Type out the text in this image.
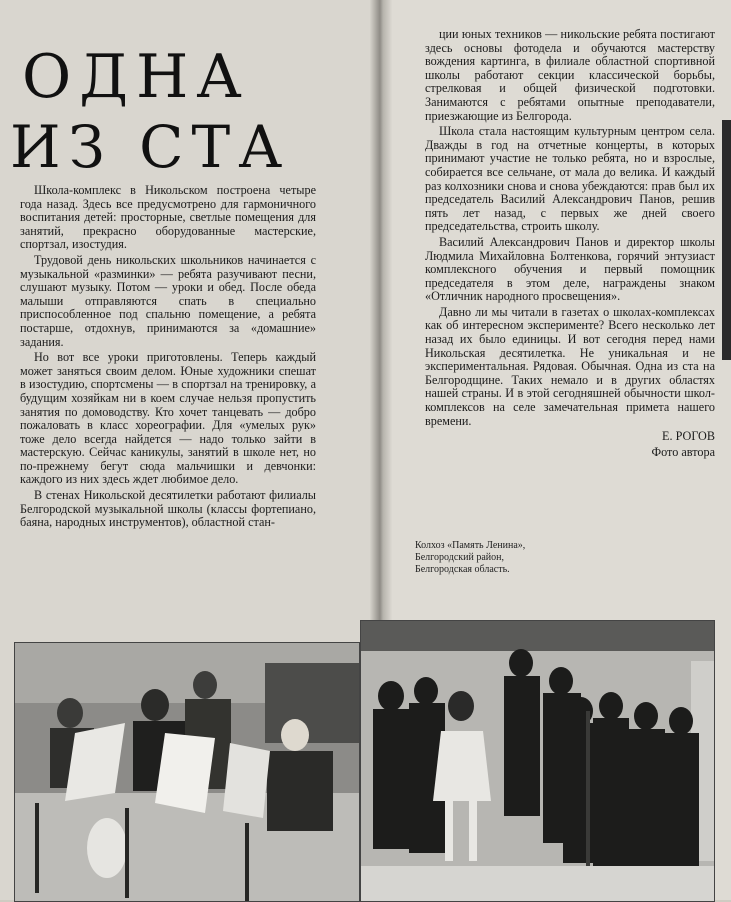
ОДНА
ИЗ СТА

Школа-комплекс в Никольском построена четыре года назад. Здесь все предусмотрено для гармоничного воспитания детей: просторные, светлые помещения для занятий, прекрасно оборудованные мастерские, спортзал, изостудия.

Трудовой день никольских школьников начинается с музыкальной «разминки» — ребята разучивают песни, слушают музыку. Потом — уроки и обед. После обеда малыши отправляются спать в специально приспособленное под спальню помещение, а ребята постарше, отдохнув, принимаются за «домашние» задания.

Но вот все уроки приготовлены. Теперь каждый может заняться своим делом. Юные художники спешат в изостудию, спортсмены — в спортзал на тренировку, а будущим хозяйкам ни в коем случае нельзя пропустить занятия по домоводству. Кто хочет танцевать — добро пожаловать в класс хореографии. Для «умелых рук» тоже дело всегда найдется — надо только зайти в мастерскую. Сейчас каникулы, занятий в школе нет, но по-прежнему бегут сюда мальчишки и девчонки: каждого из них здесь ждет любимое дело.

В стенах Никольской десятилетки работают филиалы Белгородской музыкальной школы (классы фортепиано, баяна, народных инструментов), областной стан-

ции юных техников — никольские ребята постигают здесь основы фотодела и обучаются мастерству вождения картинга, в филиале областной спортивной школы работают секции классической борьбы, стрелковая и общей физической подготовки. Занимаются с ребятами опытные преподаватели, приезжающие из Белгорода.

Школа стала настоящим культурным центром села. Дважды в год на отчетные концерты, в которых принимают участие не только ребята, но и взрослые, собирается все сельчане, от мала до велика. И каждый раз колхозники снова и снова убеждаются: прав был их председатель Василий Александрович Панов, решив пять лет назад, с первых же дней своего председательства, строить школу.

Василий Александрович Панов и директор школы Людмила Михайловна Болтенкова, горячий энтузиаст комплексного обучения и первый помощник председателя в этом деле, награждены знаком «Отличник народного просвещения».

Давно ли мы читали в газетах о школах-комплексах как об интересном эксперименте? Всего несколько лет назад их было единицы. И вот сегодня перед нами Никольская десятилетка. Не уникальная и не экспериментальная. Рядовая. Обычная. Одна из ста на Белгородщине. Таких немало и в других областях нашей страны. И в этой сегодняшней обычности школ-комплексов на селе замечательная примета нашего времени.

Е. РОГОВ

Фото автора

Колхоз «Память Ленина»,
Белгородский район,
Белгородская область.
